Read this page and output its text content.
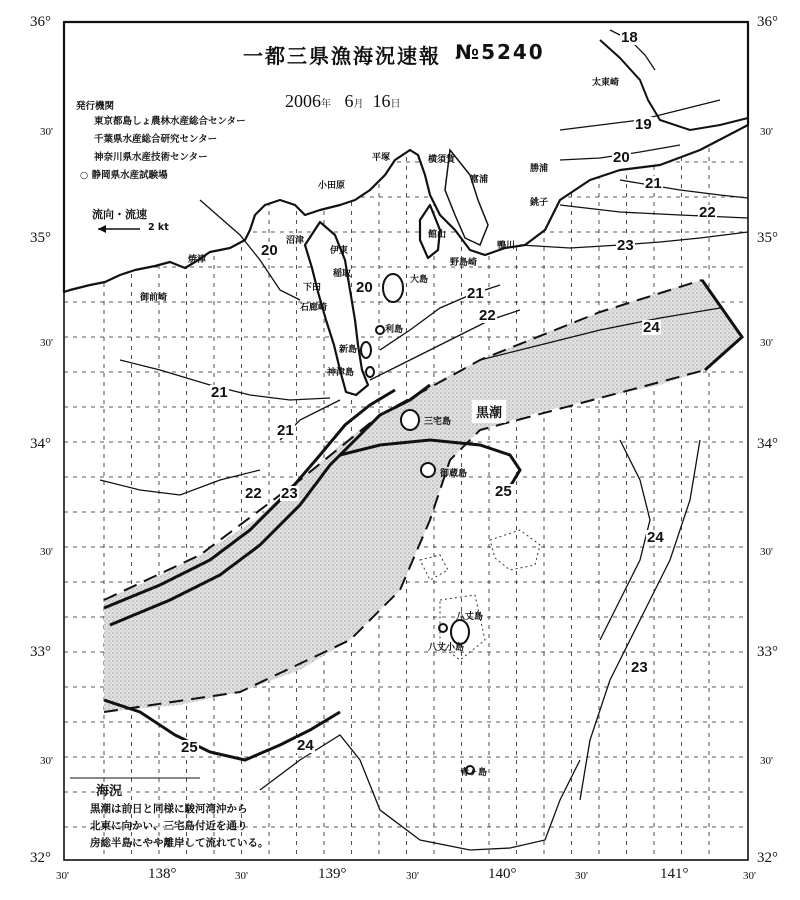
一都三県漁海況速報 №5240
2006年 6月 16日
発行機関
東京都島しょ農林水産総合センター
千葉県水産総合研究センター
神奈川県水産技術センター
○ 静岡県水産試験場
流向・流速
2 kt
36°
30'
35°
30'
34°
30'
33°
30'
32°
36°
30'
35°
30'
34°
30'
33°
30'
32°
30'	138°	30'	139°	30'	140°	30'	141°	30'
太東崎
平塚	横須賀
銚子
勝浦
小田原
富浦
沼津
伊東
館山
野島崎
鴨川
焼津
御前崎
稲取
下田
石廊崎
大島
利島
新島
神津島
三宅島
御蔵島
八丈島
八丈小島
青ヶ島
黒潮
18
19
20
21
22
23
20
20	21
22
24
21
21
22 23	25
24
23
25	24
海況
黒潮は前日と同様に駿河湾沖から
北東に向かい、三宅島付近を通り
房総半島にやや離岸して流れている。
